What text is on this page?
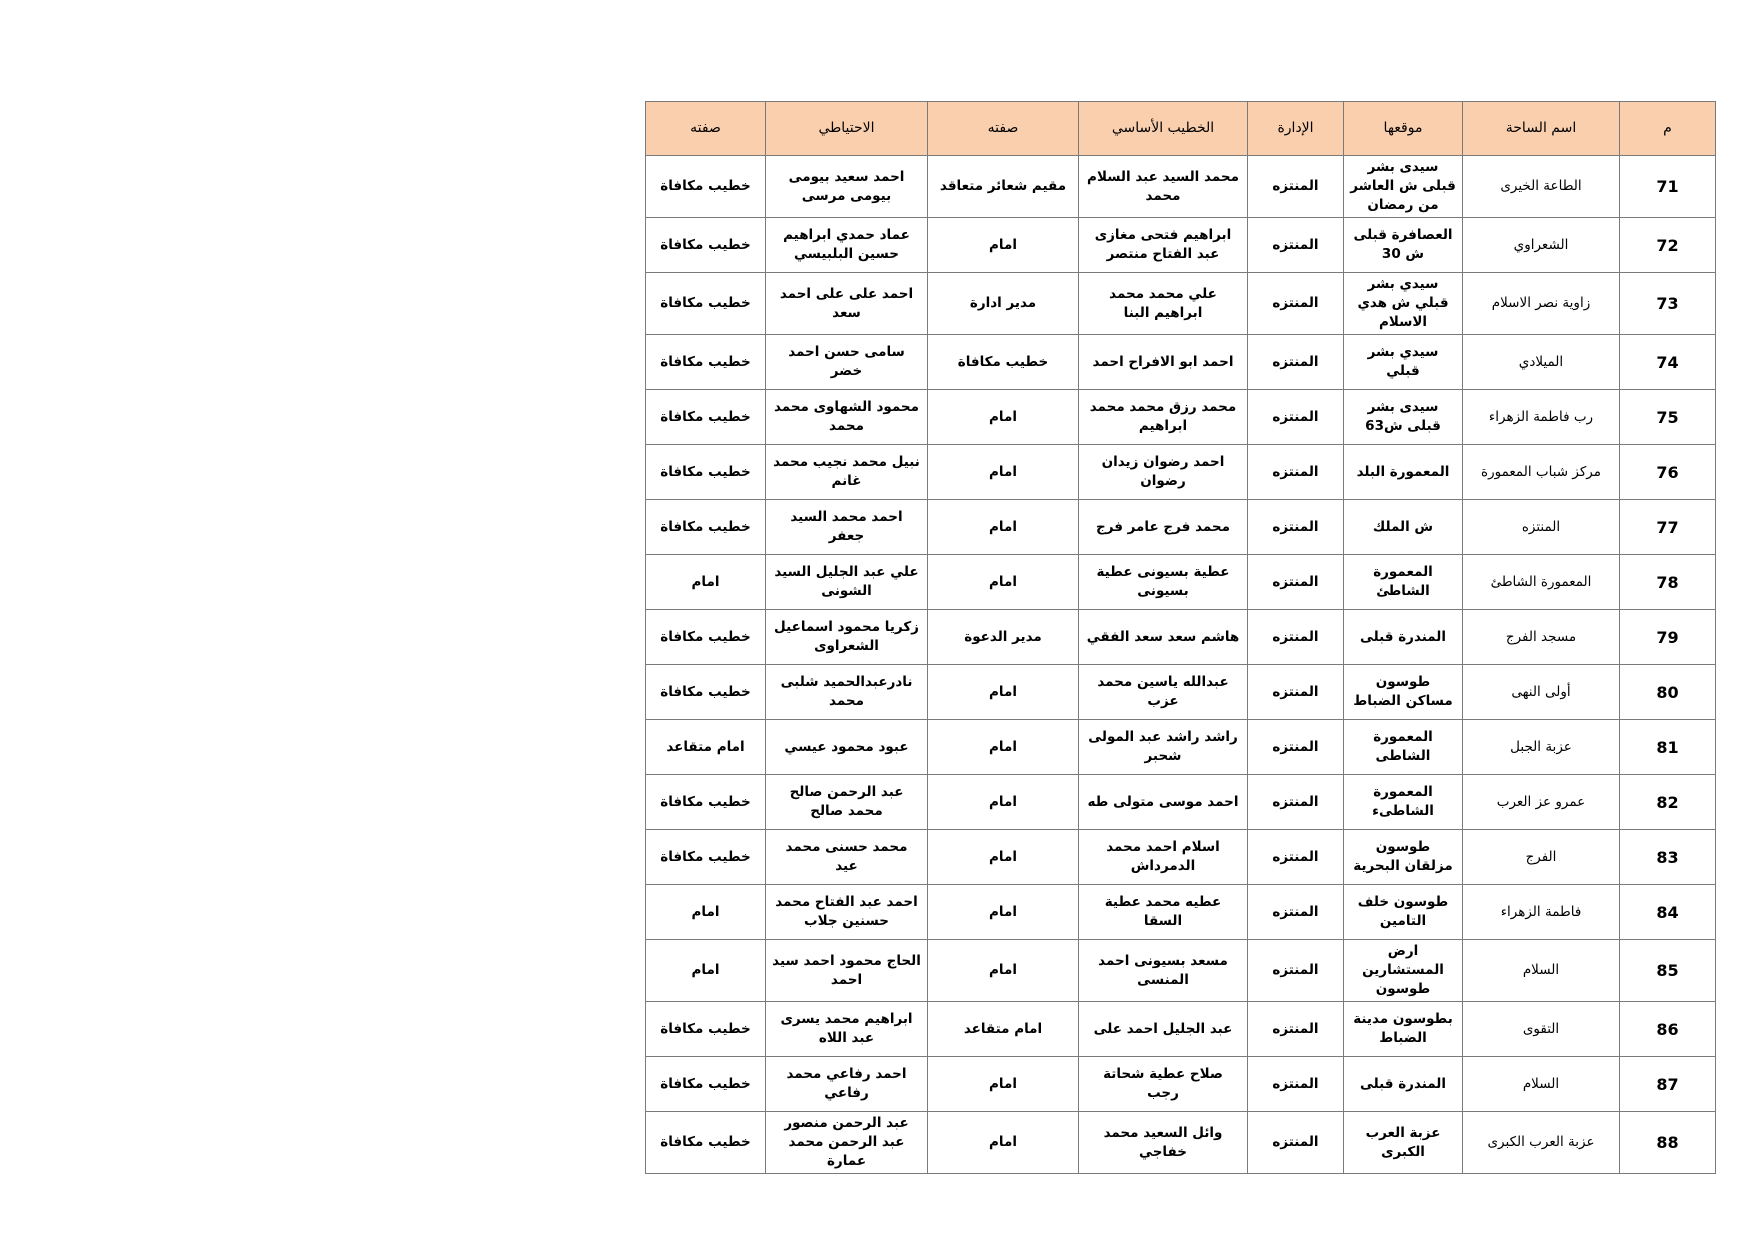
م	اسم الساحة	موقعها	الإدارة	الخطيب الأساسي	صفته	الاحتياطي	صفته
71	الطاعة الخيرى	سيدى بشر قبلى ش العاشر من رمضان	المنتزه	محمد السيد عبد السلام محمد	مقيم شعائر متعاقد	احمد سعيد بيومى بيومى مرسى	خطيب مكافاة
72	الشعراوي	العصافرة قبلى ش 30	المنتزه	ابراهيم فتحى مغازى عبد الفتاح منتصر	امام	عماد حمدي ابراهيم حسين البلبيسي	خطيب مكافاة
73	زاوية نصر الاسلام	سيدي بشر قبلي ش هدي الاسلام	المنتزه	علي محمد محمد ابراهيم البنا	مدير ادارة	احمد على على احمد سعد	خطيب مكافاة
74	الميلادي	سيدي بشر قبلي	المنتزه	احمد ابو الافراح احمد	خطيب مكافاة	سامى حسن احمد خضر	خطيب مكافاة
75	رب فاطمة الزهراء	سيدى بشر قبلى ش63	المنتزه	محمد رزق محمد محمد ابراهيم	امام	محمود الشهاوى محمد محمد	خطيب مكافاة
76	مركز شباب المعمورة	المعمورة البلد	المنتزه	احمد رضوان زيدان رضوان	امام	نبيل محمد نجيب محمد غانم	خطيب مكافاة
77	المنتزه	ش الملك	المنتزه	محمد فرج عامر فرج	امام	احمد محمد السيد جعفر	خطيب مكافاة
78	المعمورة الشاطئ	المعمورة الشاطئ	المنتزه	عطية بسيونى عطية بسيونى	امام	علي عبد الجليل السيد الشونى	امام
79	مسجد الفرج	المندرة قبلى	المنتزه	هاشم سعد سعد الفقي	مدير الدعوة	زكريا محمود اسماعيل الشعراوى	خطيب مكافاة
80	أولى النهى	طوسون مساكن الضباط	المنتزه	عبدالله ياسين محمد عزب	امام	نادرعبدالحميد شلبى محمد	خطيب مكافاة
81	عزبة الجبل	المعمورة الشاطى	المنتزه	راشد راشد عبد المولى شحبر	امام	عبود محمود عيسي	امام متقاعد
82	عمرو عز العرب	المعمورة الشاطىء	المنتزه	احمد موسى متولى طه	امام	عبد الرحمن صالح محمد صالح	خطيب مكافاة
83	الفرج	طوسون مزلقان البحرية	المنتزه	اسلام احمد محمد الدمرداش	امام	محمد حسنى محمد عيد	خطيب مكافاة
84	فاطمة الزهراء	طوسون خلف التامين	المنتزه	عطيه محمد عطية السقا	امام	احمد عبد الفتاح محمد حسنين جلاب	امام
85	السلام	ارض المستشارين طوسون	المنتزه	مسعد بسيونى احمد المنسى	امام	الحاج محمود احمد سيد احمد	امام
86	التقوى	بطوسون مدينة الضباط	المنتزه	عبد الجليل احمد على	امام متقاعد	ابراهيم محمد يسرى عبد اللاه	خطيب مكافاة
87	السلام	المندرة قبلى	المنتزه	صلاح عطية شحاتة رجب	امام	احمد رفاعي محمد رفاعي	خطيب مكافاة
88	عزبة العرب الكبرى	عزبة العرب الكبرى	المنتزه	وائل السعيد محمد خفاجي	امام	عبد الرحمن منصور عبد الرحمن محمد عمارة	خطيب مكافاة
